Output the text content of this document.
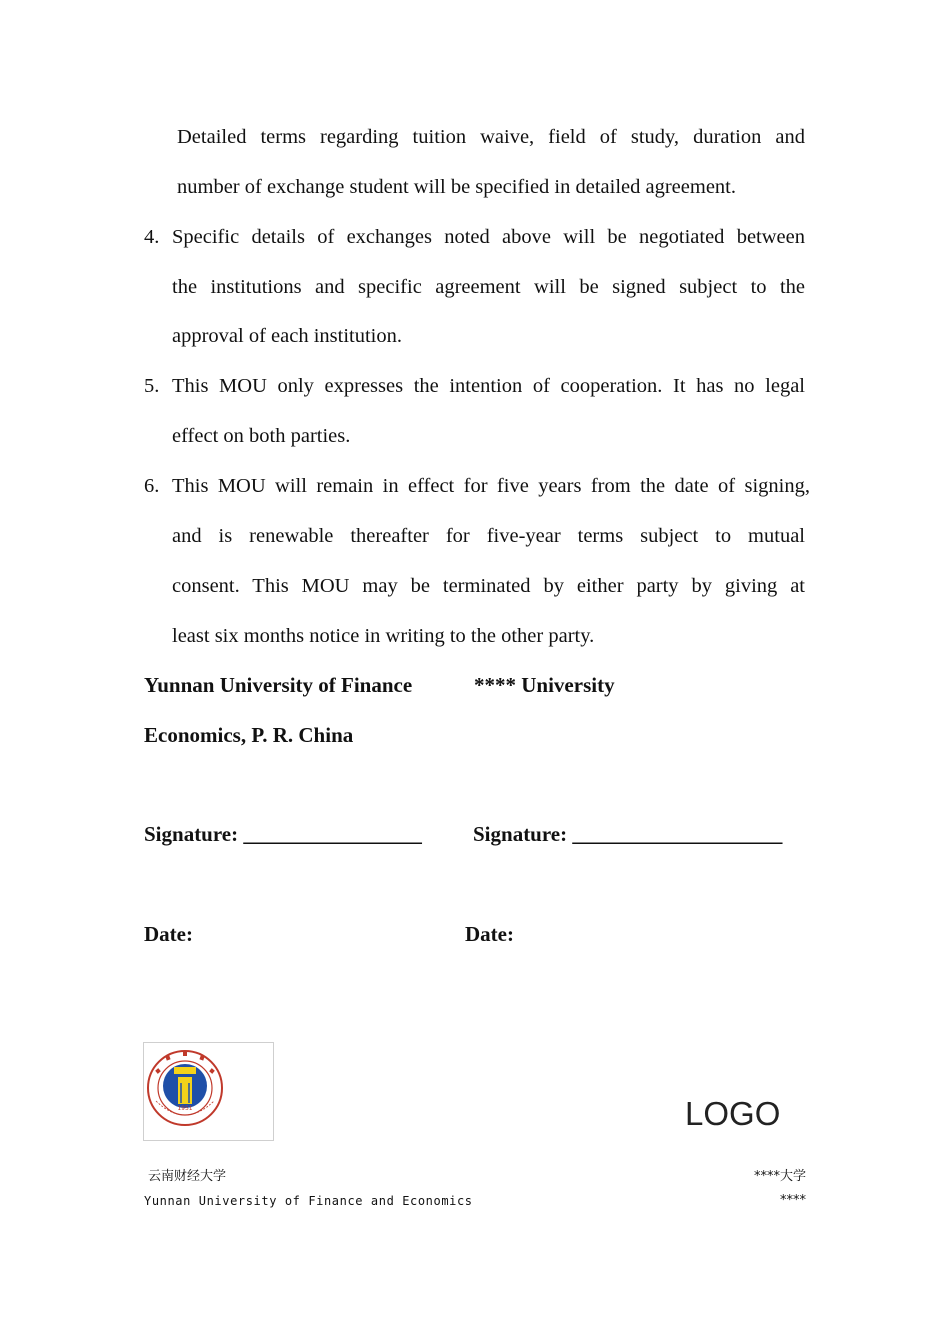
Detailed terms regarding tuition waive, field of study, duration and
number of exchange student will be specified in detailed agreement.
4. Specific details of exchanges noted above will be negotiated between
the institutions and specific agreement will be signed subject to the
approval of each institution.
5. This MOU only expresses the intention of cooperation. It has no legal
effect on both parties.
6. This MOU will remain in effect for five years from the date of signing,
and is renewable thereafter for five-year terms subject to mutual
consent. This MOU may be terminated by either party by giving at
least six months notice in writing to the other party.
Yunnan University of Finance	**** University
Economics, P. R. China
Signature: _________________ Signature: ____________________
Date:	Date:
1951	LOGO
云南财经大学
Yunnan University of Finance and Economics
****大学
****
